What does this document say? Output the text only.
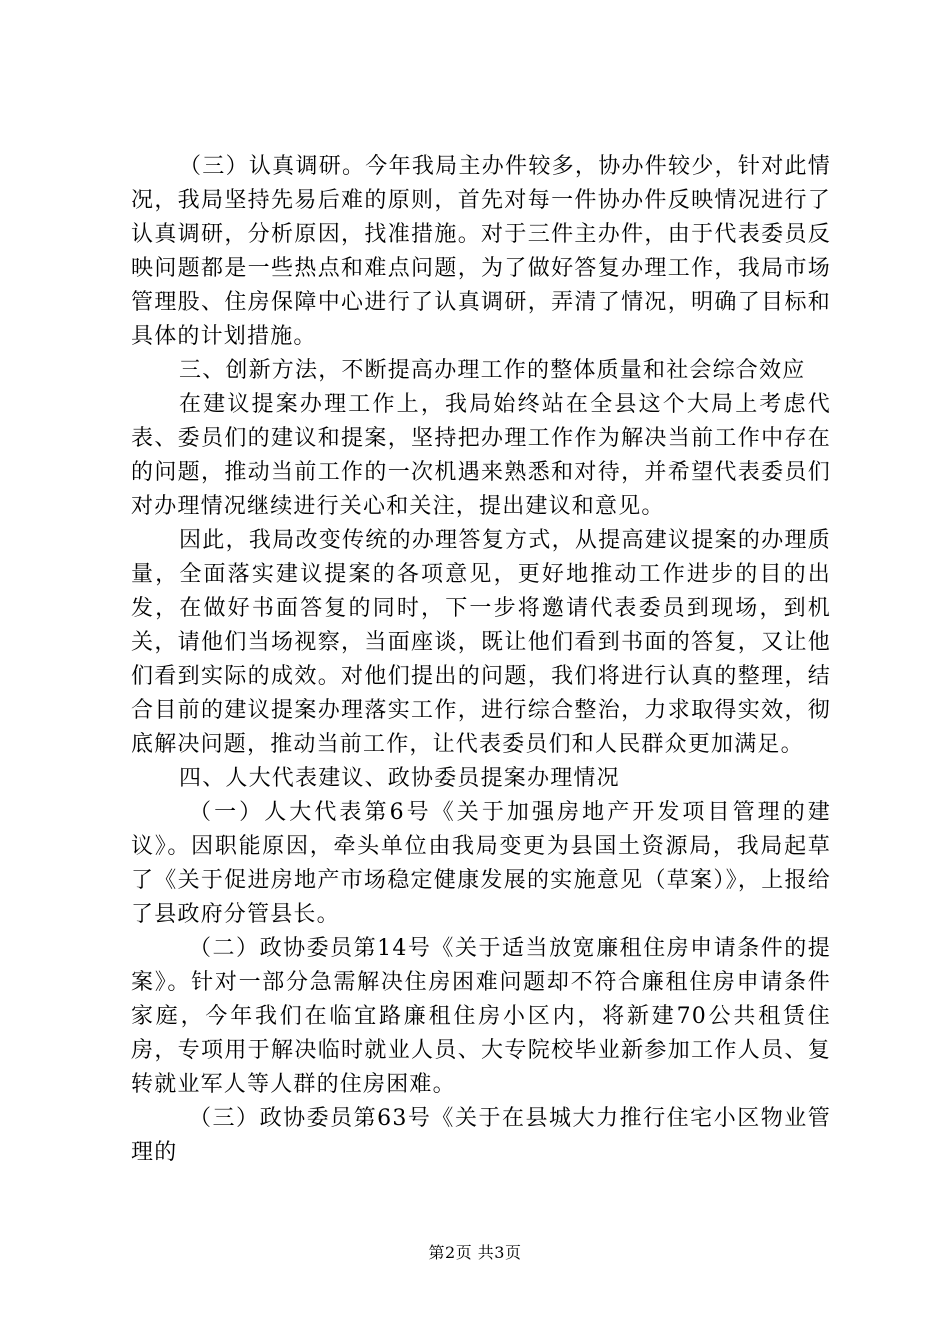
（三）认真调研。今年我局主办件较多，协办件较少，针对此情况，我局坚持先易后难的原则，首先对每一件协办件反映情况进行了认真调研，分析原因，找准措施。对于三件主办件，由于代表委员反映问题都是一些热点和难点问题，为了做好答复办理工作，我局市场管理股、住房保障中心进行了认真调研，弄清了情况，明确了目标和具体的计划措施。

三、创新方法，不断提高办理工作的整体质量和社会综合效应

在建议提案办理工作上，我局始终站在全县这个大局上考虑代表、委员们的建议和提案，坚持把办理工作作为解决当前工作中存在的问题，推动当前工作的一次机遇来熟悉和对待，并希望代表委员们对办理情况继续进行关心和关注，提出建议和意见。

因此，我局改变传统的办理答复方式，从提高建议提案的办理质量，全面落实建议提案的各项意见，更好地推动工作进步的目的出发，在做好书面答复的同时，下一步将邀请代表委员到现场，到机关，请他们当场视察，当面座谈，既让他们看到书面的答复，又让他们看到实际的成效。对他们提出的问题，我们将进行认真的整理，结合目前的建议提案办理落实工作，进行综合整治，力求取得实效，彻底解决问题，推动当前工作，让代表委员们和人民群众更加满足。

四、人大代表建议、政协委员提案办理情况

（一）人大代表第6号《关于加强房地产开发项目管理的建议》。因职能原因，牵头单位由我局变更为县国土资源局，我局起草了《关于促进房地产市场稳定健康发展的实施意见（草案）》，上报给了县政府分管县长。

（二）政协委员第14号《关于适当放宽廉租住房申请条件的提案》。针对一部分急需解决住房困难问题却不符合廉租住房申请条件家庭，今年我们在临宜路廉租住房小区内，将新建70公共租赁住房，专项用于解决临时就业人员、大专院校毕业新参加工作人员、复转就业军人等人群的住房困难。

（三）政协委员第63号《关于在县城大力推行住宅小区物业管理的

第2页 共3页
